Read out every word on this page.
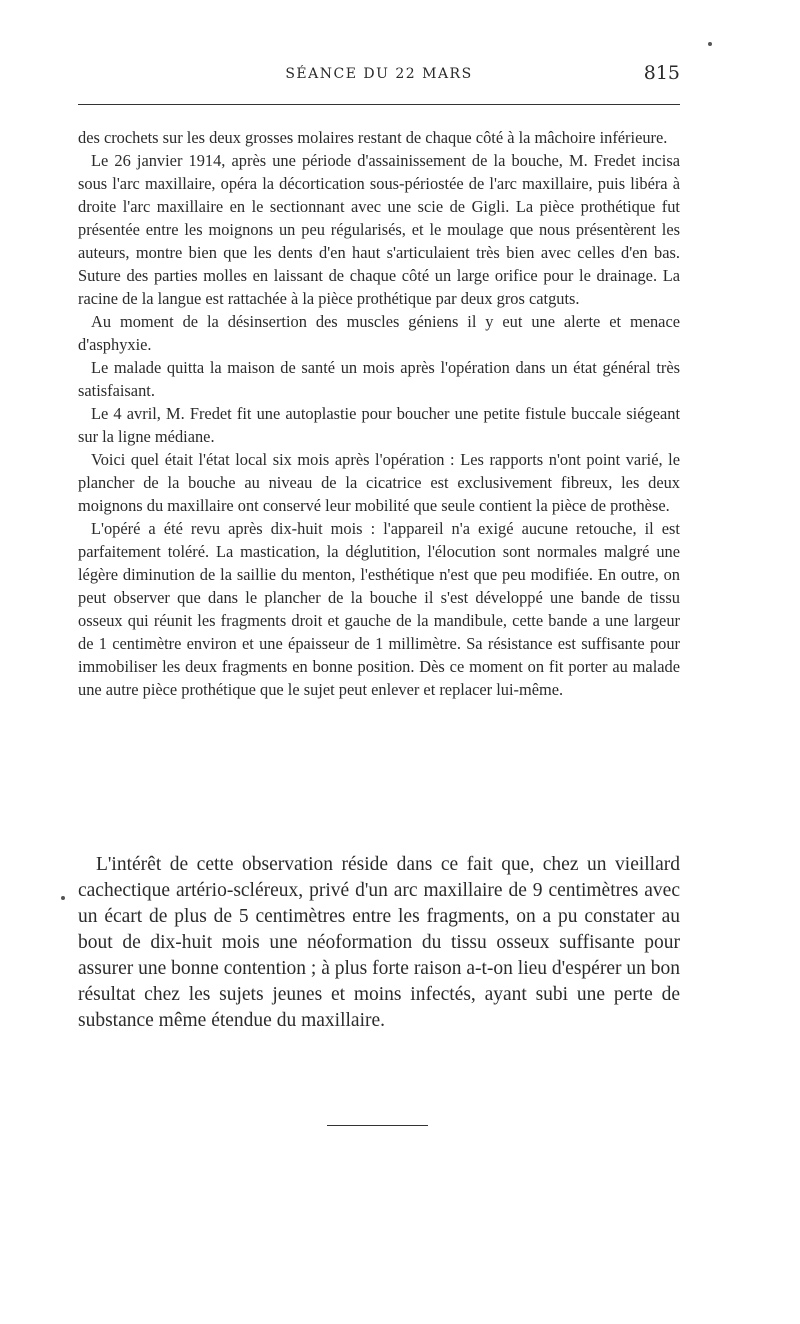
SÉANCE DU 22 MARS	815

des crochets sur les deux grosses molaires restant de chaque côté à la mâchoire inférieure.

Le 26 janvier 1914, après une période d'assainissement de la bouche, M. Fredet incisa sous l'arc maxillaire, opéra la décortication sous-périostée de l'arc maxillaire, puis libéra à droite l'arc maxillaire en le sectionnant avec une scie de Gigli. La pièce prothétique fut présentée entre les moignons un peu régularisés, et le moulage que nous présentèrent les auteurs, montre bien que les dents d'en haut s'articulaient très bien avec celles d'en bas. Suture des parties molles en laissant de chaque côté un large orifice pour le drainage. La racine de la langue est rattachée à la pièce prothétique par deux gros catguts.

Au moment de la désinsertion des muscles géniens il y eut une alerte et menace d'asphyxie.

Le malade quitta la maison de santé un mois après l'opération dans un état général très satisfaisant.

Le 4 avril, M. Fredet fit une autoplastie pour boucher une petite fistule buccale siégeant sur la ligne médiane.

Voici quel était l'état local six mois après l'opération : Les rapports n'ont point varié, le plancher de la bouche au niveau de la cicatrice est exclusivement fibreux, les deux moignons du maxillaire ont conservé leur mobilité que seule contient la pièce de prothèse.

L'opéré a été revu après dix-huit mois : l'appareil n'a exigé aucune retouche, il est parfaitement toléré. La mastication, la déglutition, l'élocution sont normales malgré une légère diminution de la saillie du menton, l'esthétique n'est que peu modifiée. En outre, on peut observer que dans le plancher de la bouche il s'est développé une bande de tissu osseux qui réunit les fragments droit et gauche de la mandibule, cette bande a une largeur de 1 centimètre environ et une épaisseur de 1 millimètre. Sa résistance est suffisante pour immobiliser les deux fragments en bonne position. Dès ce moment on fit porter au malade une autre pièce prothétique que le sujet peut enlever et replacer lui-même.

L'intérêt de cette observation réside dans ce fait que, chez un vieillard cachectique artério-scléreux, privé d'un arc maxillaire de 9 centimètres avec un écart de plus de 5 centimètres entre les fragments, on a pu constater au bout de dix-huit mois une néoformation du tissu osseux suffisante pour assurer une bonne contention ; à plus forte raison a-t-on lieu d'espérer un bon résultat chez les sujets jeunes et moins infectés, ayant subi une perte de substance même étendue du maxillaire.
